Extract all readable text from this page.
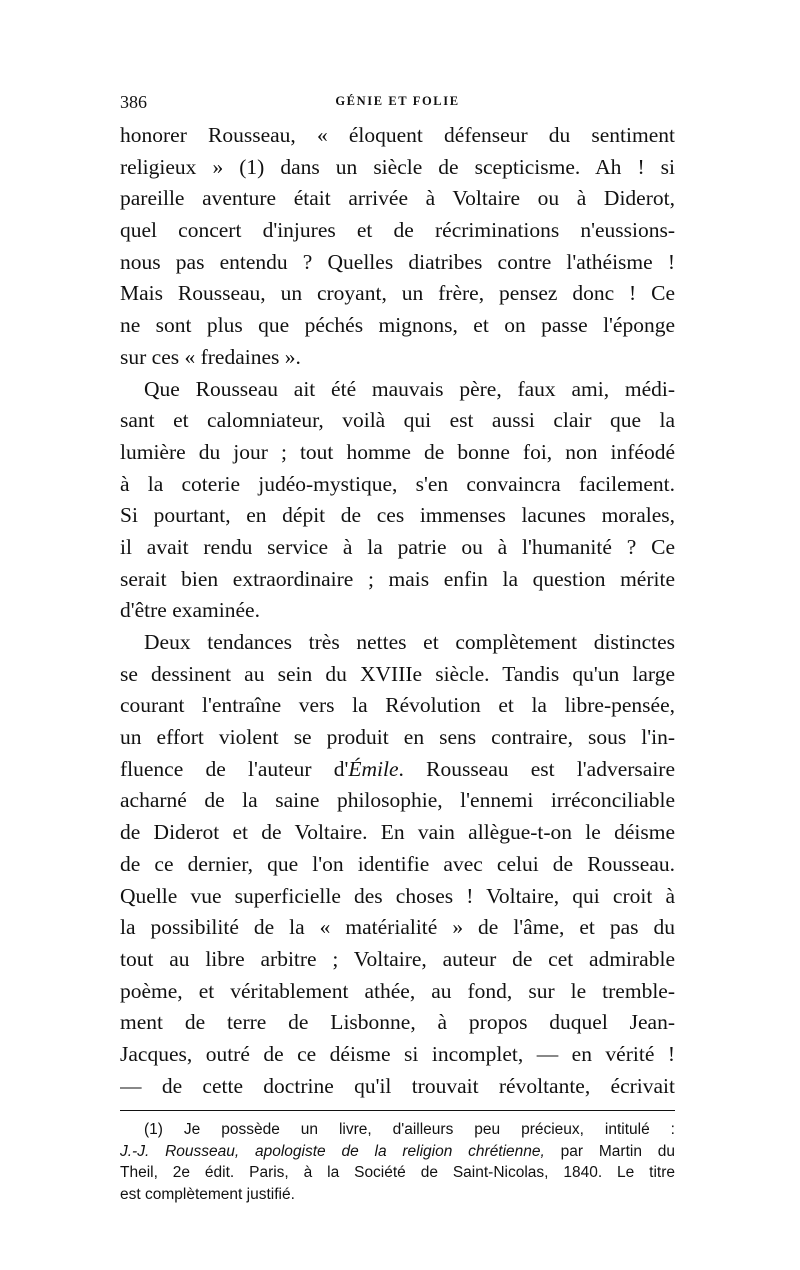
386	GÉNIE ET FOLIE
honorer Rousseau, « éloquent défenseur du sentiment
religieux » (1) dans un siècle de scepticisme. Ah ! si
pareille aventure était arrivée à Voltaire ou à Diderot,
quel concert d'injures et de récriminations n'eussions-
nous pas entendu ? Quelles diatribes contre l'athéisme !
Mais Rousseau, un croyant, un frère, pensez donc ! Ce
ne sont plus que péchés mignons, et on passe l'éponge
sur ces « fredaines ».
Que Rousseau ait été mauvais père, faux ami, médi-
sant et calomniateur, voilà qui est aussi clair que la
lumière du jour ; tout homme de bonne foi, non inféodé
à la coterie judéo-mystique, s'en convaincra facilement.
Si pourtant, en dépit de ces immenses lacunes morales,
il avait rendu service à la patrie ou à l'humanité ? Ce
serait bien extraordinaire ; mais enfin la question mérite
d'être examinée.
Deux tendances très nettes et complètement distinctes
se dessinent au sein du XVIIIe siècle. Tandis qu'un large
courant l'entraîne vers la Révolution et la libre-pensée,
un effort violent se produit en sens contraire, sous l'in-
fluence de l'auteur d'Émile. Rousseau est l'adversaire
acharné de la saine philosophie, l'ennemi irréconciliable
de Diderot et de Voltaire. En vain allègue-t-on le déisme
de ce dernier, que l'on identifie avec celui de Rousseau.
Quelle vue superficielle des choses ! Voltaire, qui croit à
la possibilité de la « matérialité » de l'âme, et pas du
tout au libre arbitre ; Voltaire, auteur de cet admirable
poème, et véritablement athée, au fond, sur le tremble-
ment de terre de Lisbonne, à propos duquel Jean-
Jacques, outré de ce déisme si incomplet, — en vérité !
— de cette doctrine qu'il trouvait révoltante, écrivait
(1) Je possède un livre, d'ailleurs peu précieux, intitulé :
J.-J. Rousseau, apologiste de la religion chrétienne, par Martin du
Theil, 2e édit. Paris, à la Société de Saint-Nicolas, 1840. Le titre
est complètement justifié.
